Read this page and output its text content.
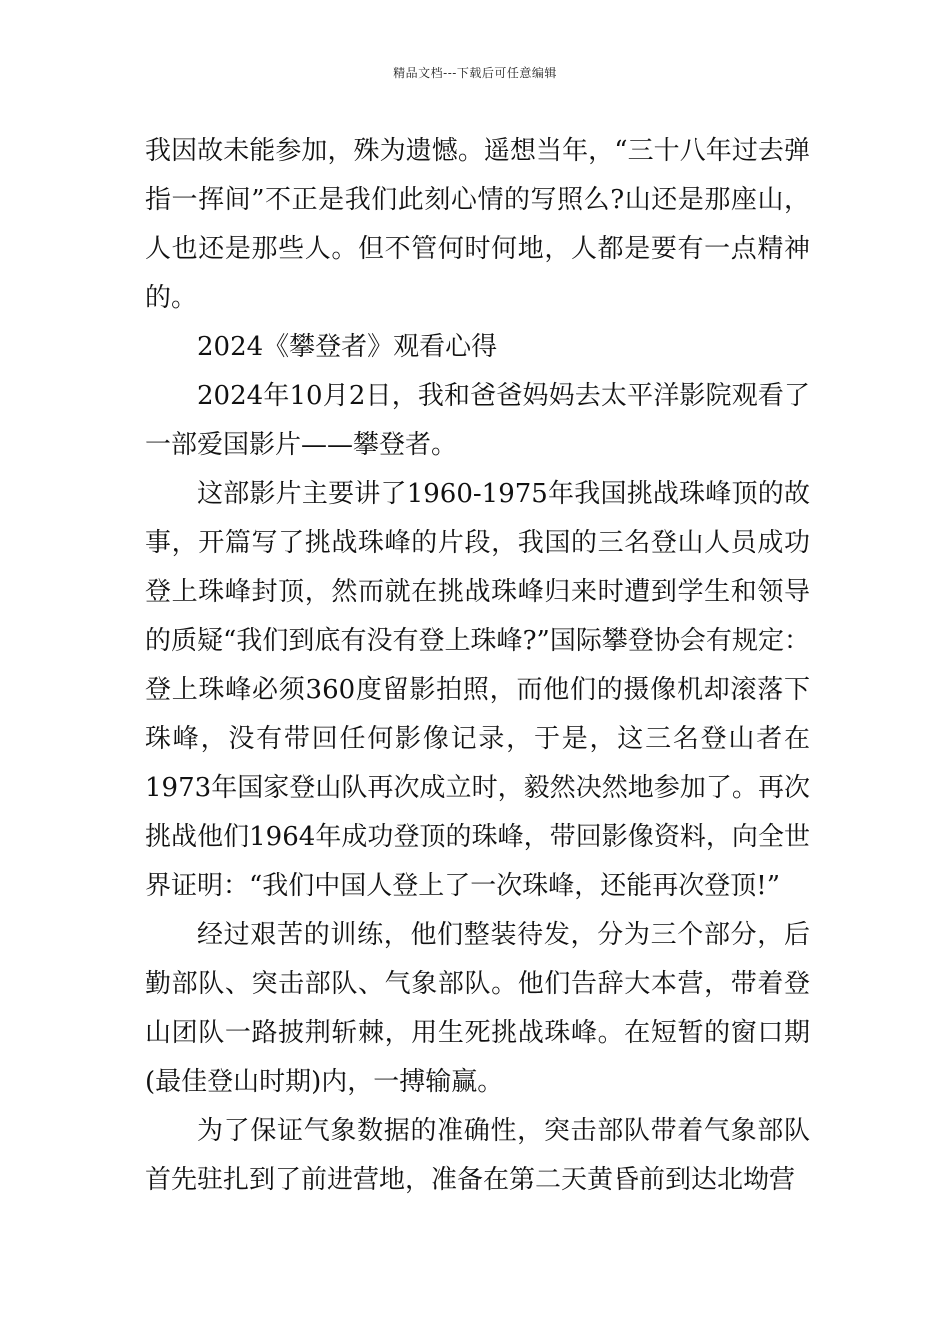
精品文档---下载后可任意编辑

我因故未能参加，殊为遗憾。遥想当年，“三十八年过去弹指一挥间”不正是我们此刻心情的写照么?山还是那座山，人也还是那些人。但不管何时何地，人都是要有一点精神的。

2024《攀登者》观看心得

2024年10月2日，我和爸爸妈妈去太平洋影院观看了一部爱国影片——攀登者。

这部影片主要讲了1960-1975年我国挑战珠峰顶的故事，开篇写了挑战珠峰的片段，我国的三名登山人员成功登上珠峰封顶，然而就在挑战珠峰归来时遭到学生和领导的质疑“我们到底有没有登上珠峰?”国际攀登协会有规定：登上珠峰必须360度留影拍照，而他们的摄像机却滚落下珠峰，没有带回任何影像记录，于是，这三名登山者在1973年国家登山队再次成立时，毅然决然地参加了。再次挑战他们1964年成功登顶的珠峰，带回影像资料，向全世界证明：“我们中国人登上了一次珠峰，还能再次登顶!”

经过艰苦的训练，他们整装待发，分为三个部分，后勤部队、突击部队、气象部队。他们告辞大本营，带着登山团队一路披荆斩棘，用生死挑战珠峰。在短暂的窗口期(最佳登山时期)内，一搏输赢。

为了保证气象数据的准确性，突击部队带着气象部队首先驻扎到了前进营地，准备在第二天黄昏前到达北坳营
